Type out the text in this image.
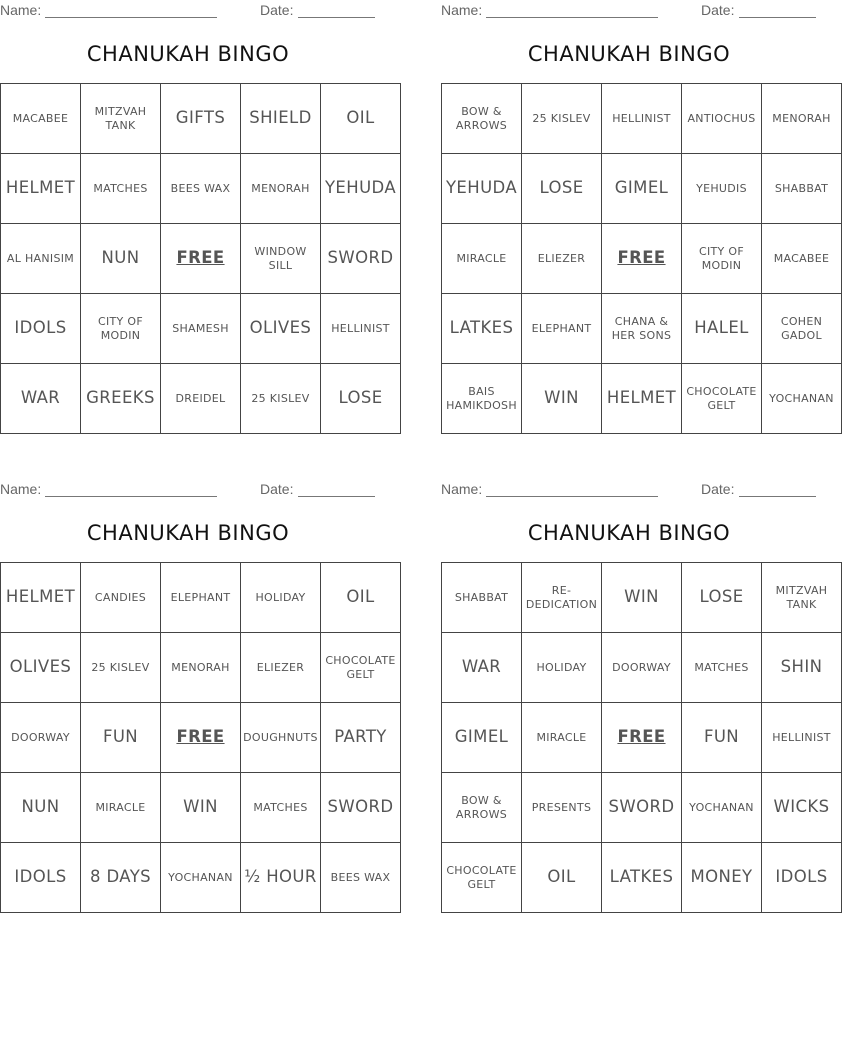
Name:	Date:
CHANUKAH BINGO
MACABEE	MITZVAH TANK	GIFTS	SHIELD	OIL
HELMET	MATCHES	BEES WAX	MENORAH	YEHUDA
AL HANISIM	NUN	FREE	WINDOW SILL	SWORD
IDOLS	CITY OF MODIN	SHAMESH	OLIVES	HELLINIST
WAR	GREEKS	DREIDEL	25 KISLEV	LOSE
Name:	Date:
CHANUKAH BINGO
BOW & ARROWS	25 KISLEV	HELLINIST	ANTIOCHUS	MENORAH
YEHUDA	LOSE	GIMEL	YEHUDIS	SHABBAT
MIRACLE	ELIEZER	FREE	CITY OF MODIN	MACABEE
LATKES	ELEPHANT	CHANA & HER SONS	HALEL	COHEN GADOL
BAIS HAMIKDOSH	WIN	HELMET	CHOCOLATE GELT	YOCHANAN
Name:	Date:
CHANUKAH BINGO
HELMET	CANDIES	ELEPHANT	HOLIDAY	OIL
OLIVES	25 KISLEV	MENORAH	ELIEZER	CHOCOLATE GELT
DOORWAY	FUN	FREE	DOUGHNUTS	PARTY
NUN	MIRACLE	WIN	MATCHES	SWORD
IDOLS	8 DAYS	YOCHANAN	½ HOUR	BEES WAX
Name:	Date:
CHANUKAH BINGO
SHABBAT	RE-DEDICATION	WIN	LOSE	MITZVAH TANK
WAR	HOLIDAY	DOORWAY	MATCHES	SHIN
GIMEL	MIRACLE	FREE	FUN	HELLINIST
BOW & ARROWS	PRESENTS	SWORD	YOCHANAN	WICKS
CHOCOLATE GELT	OIL	LATKES	MONEY	IDOLS
